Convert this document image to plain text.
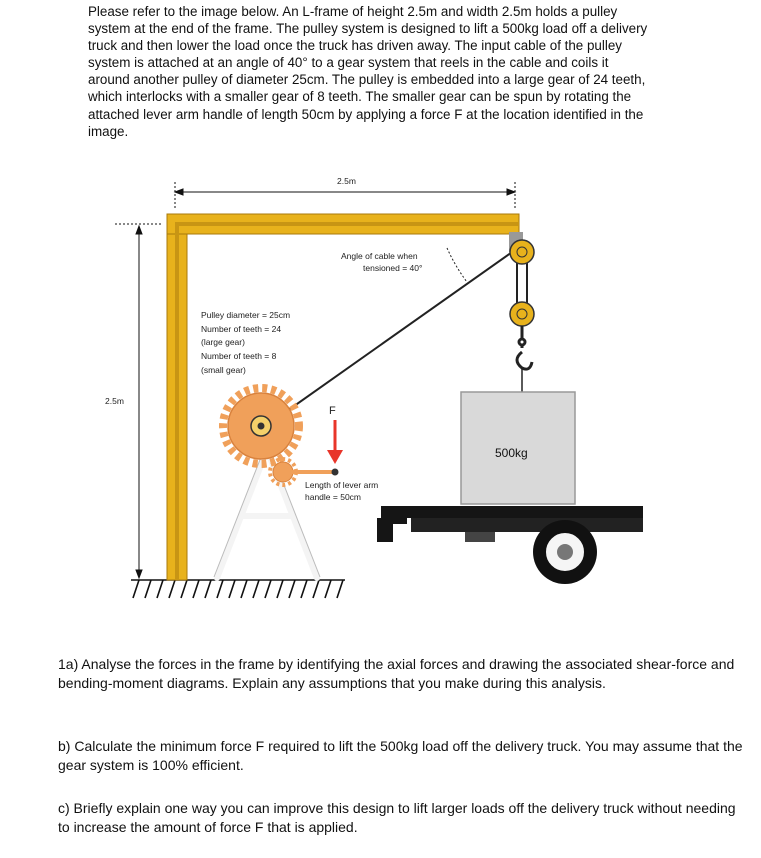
Please refer to the image below. An L-frame of height 2.5m and width 2.5m holds a pulley system at the end of the frame. The pulley system is designed to lift a 500kg load off a delivery truck and then lower the load once the truck has driven away. The input cable of the pulley system is attached at an angle of 40° to a gear system that reels in the cable and coils it around another pulley of diameter 25cm. The pulley is embedded into a large gear of 24 teeth, which interlocks with a smaller gear of 8 teeth. The smaller gear can be spun by rotating the attached lever arm handle of length 50cm by applying a force F at the location identified in the image.
2.5m
2.5m
Angle of cable when
tensioned = 40°
Pulley diameter = 25cm
Number of teeth = 24
(large gear)
Number of teeth = 8
(small gear)
F
Length of lever arm
handle = 50cm
500kg
1a) Analyse the forces in the frame by identifying the axial forces and drawing the associated shear-force and bending-moment diagrams. Explain any assumptions that you make during this analysis.
b) Calculate the minimum force F required to lift the 500kg load off the delivery truck. You may assume that the gear system is 100% efficient.
c) Briefly explain one way you can improve this design to lift larger loads off the delivery truck without needing to increase the amount of force F that is applied.
